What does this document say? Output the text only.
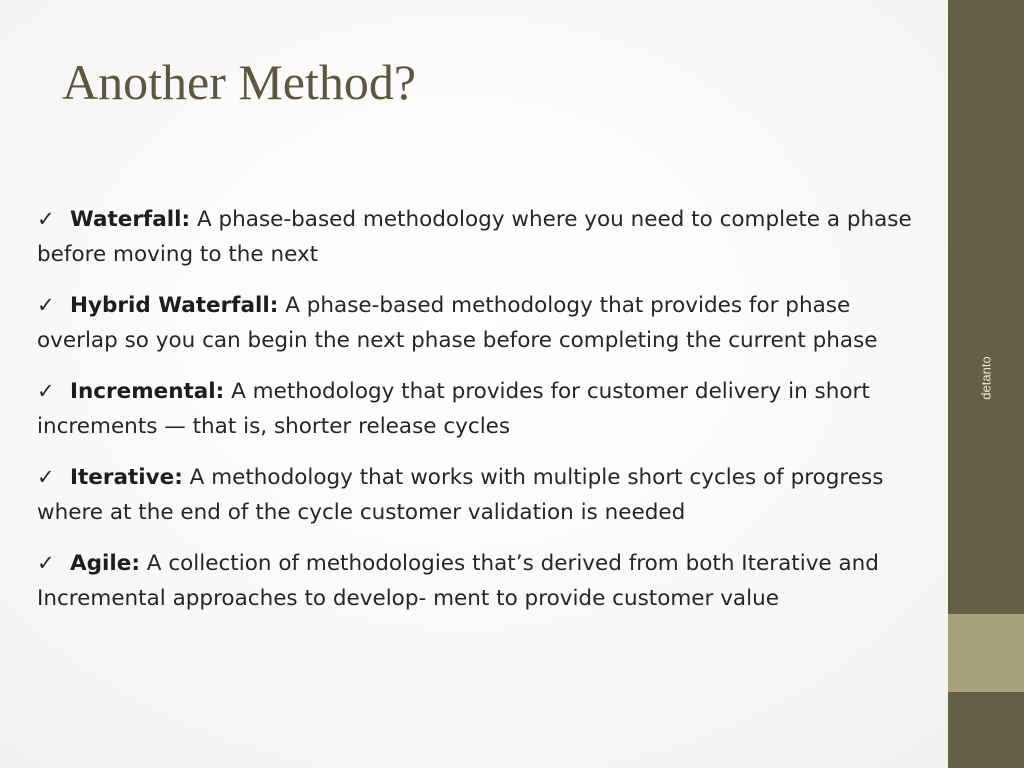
Another Method?

✓ Waterfall: A phase-based methodology where you need to complete a phase before moving to the next

✓ Hybrid Waterfall: A phase-based methodology that provides for phase overlap so you can begin the next phase before completing the current phase

✓ Incremental: A methodology that provides for customer delivery in short increments — that is, shorter release cycles

✓ Iterative: A methodology that works with multiple short cycles of progress where at the end of the cycle customer validation is needed

✓ Agile: A collection of methodologies that’s derived from both Iterative and Incremental approaches to develop- ment to provide customer value

detanto
